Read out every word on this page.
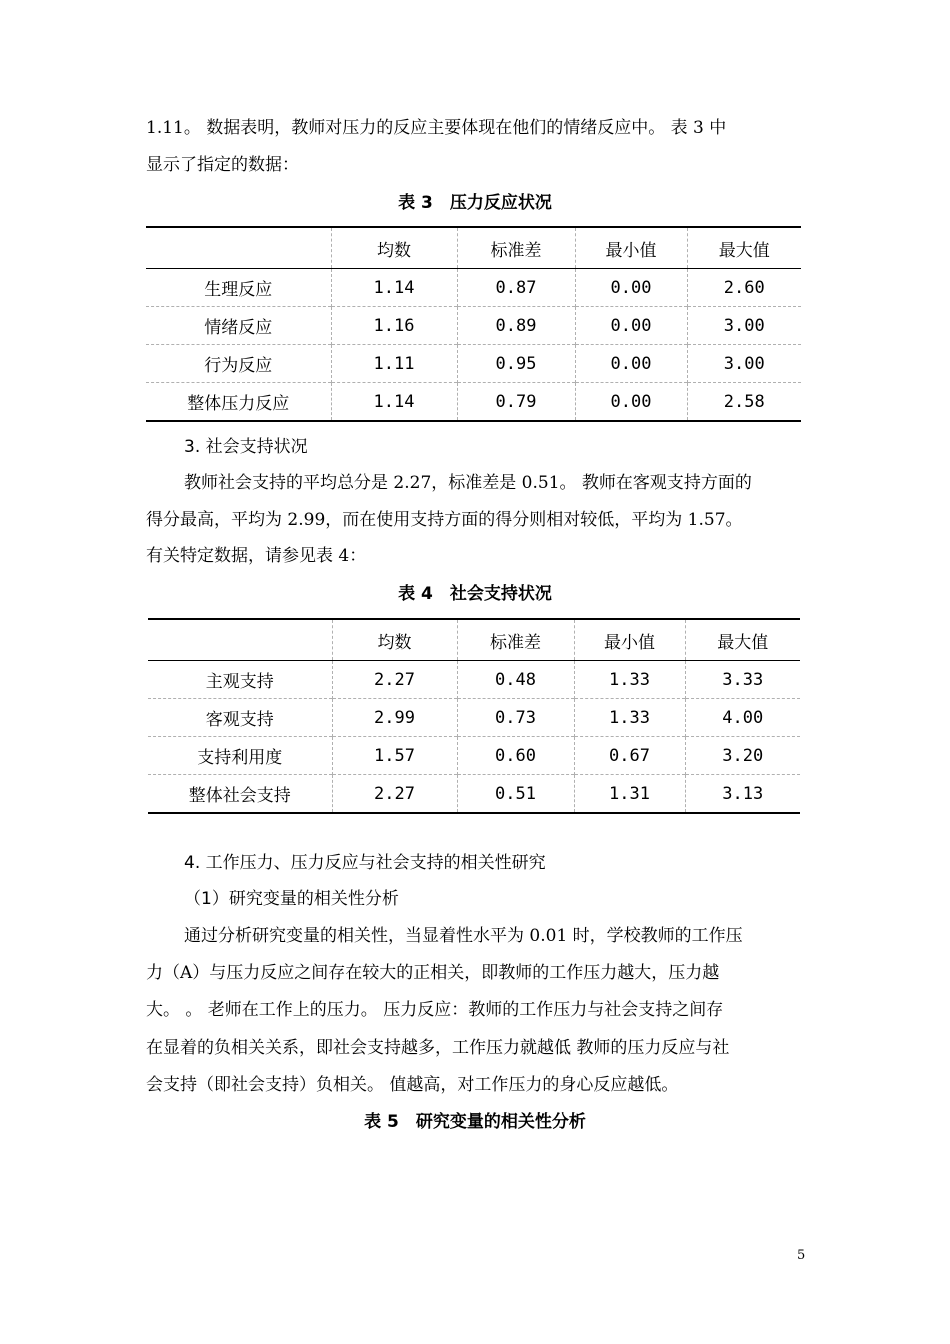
1.11。 数据表明，教师对压力的反应主要体现在他们的情绪反应中。 表 3 中
显示了指定的数据：
表 3　压力反应状况
	均数	标准差	最小值	最大值
生理反应	1.14	0.87	0.00	2.60
情绪反应	1.16	0.89	0.00	3.00
行为反应	1.11	0.95	0.00	3.00
整体压力反应	1.14	0.79	0.00	2.58
3. 社会支持状况
教师社会支持的平均总分是 2.27，标准差是 0.51。 教师在客观支持方面的
得分最高，平均为 2.99，而在使用支持方面的得分则相对较低，平均为 1.57。
有关特定数据，请参见表 4：
表 4　社会支持状况
	均数	标准差	最小值	最大值
主观支持	2.27	0.48	1.33	3.33
客观支持	2.99	0.73	1.33	4.00
支持利用度	1.57	0.60	0.67	3.20
整体社会支持	2.27	0.51	1.31	3.13
4. 工作压力、压力反应与社会支持的相关性研究
（1）研究变量的相关性分析
通过分析研究变量的相关性，当显着性水平为 0.01 时，学校教师的工作压
力（A）与压力反应之间存在较大的正相关，即教师的工作压力越大，压力越
大。 。 老师在工作上的压力。 压力反应：教师的工作压力与社会支持之间存
在显着的负相关关系，即社会支持越多，工作压力就越低 教师的压力反应与社
会支持（即社会支持）负相关。 值越高，对工作压力的身心反应越低。
表 5　研究变量的相关性分析
5
